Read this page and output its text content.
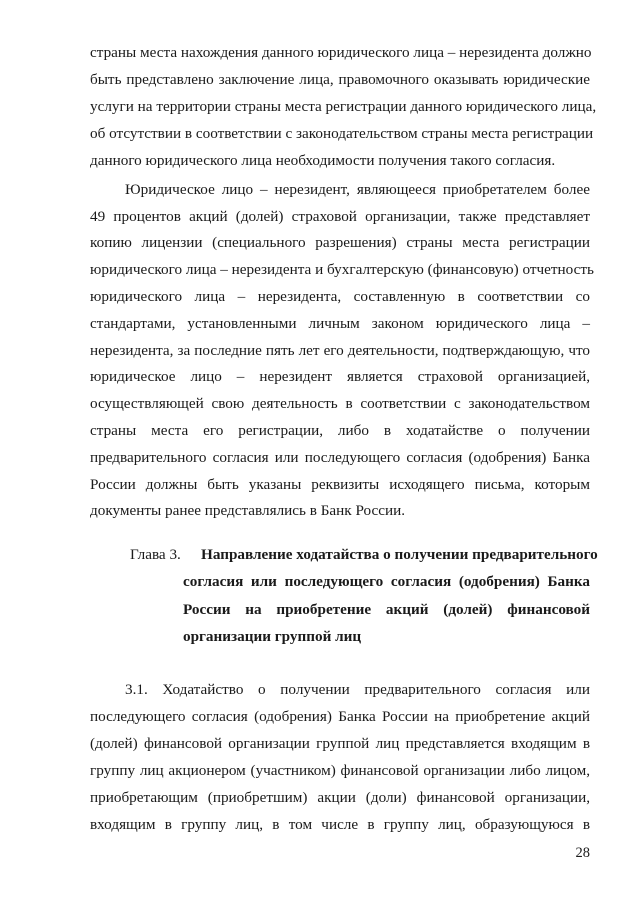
страны места нахождения данного юридического лица – нерезидента должно
быть представлено заключение лица, правомочного оказывать юридические
услуги на территории страны места регистрации данного юридического лица,
об отсутствии в соответствии с законодательством страны места регистрации
данного юридического лица необходимости получения такого согласия.
Юридическое лицо – нерезидент, являющееся приобретателем более
49 процентов акций (долей) страховой организации, также представляет
копию лицензии (специального разрешения) страны места регистрации
юридического лица – нерезидента и бухгалтерскую (финансовую) отчетность
юридического лица – нерезидента, составленную в соответствии со
стандартами, установленными личным законом юридического лица –
нерезидента, за последние пять лет его деятельности, подтверждающую, что
юридическое лицо – нерезидент является страховой организацией,
осуществляющей свою деятельность в соответствии с законодательством
страны места его регистрации, либо в ходатайстве о получении
предварительного согласия или последующего согласия (одобрения) Банка
России должны быть указаны реквизиты исходящего письма, которым
документы ранее представлялись в Банк России.
Глава 3. Направление ходатайства о получении предварительного
согласия или последующего согласия (одобрения) Банка
России на приобретение акций (долей) финансовой
организации группой лиц
3.1. Ходатайство о получении предварительного согласия или
последующего согласия (одобрения) Банка России на приобретение акций
(долей) финансовой организации группой лиц представляется входящим в
группу лиц акционером (участником) финансовой организации либо лицом,
приобретающим (приобретшим) акции (доли) финансовой организации,
входящим в группу лиц, в том числе в группу лиц, образующуюся в
28
